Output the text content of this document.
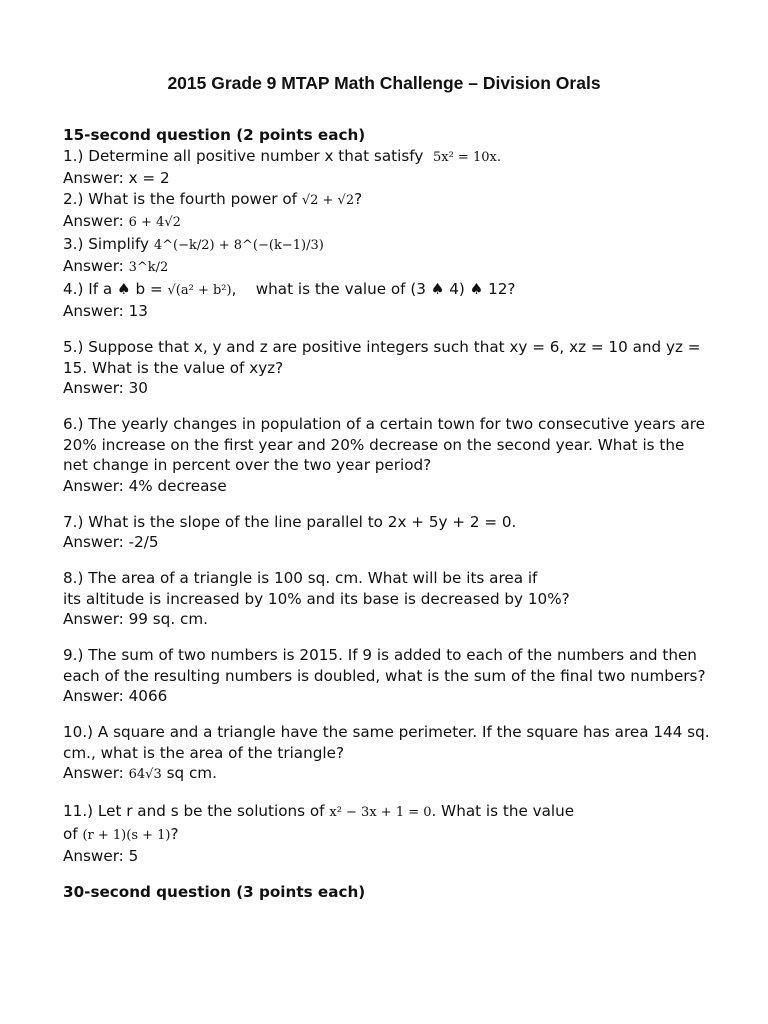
2015 Grade 9 MTAP Math Challenge – Division Orals
15-second question (2 points each)
1.) Determine all positive number x that satisfy 5x² = 10x.
Answer: x = 2
2.) What is the fourth power of √2 + √2?
Answer: 6 + 4√2
3.) Simplify 4^(−k/2) + 8^(−(k−1)/3)
Answer: 3^k/2
4.) If a ♠ b = √(a² + b²),    what is the value of (3 ♠ 4) ♠ 12?
Answer: 13
5.) Suppose that x, y and z are positive integers such that xy = 6, xz = 10 and yz = 15. What is the value of xyz?
Answer: 30
6.) The yearly changes in population of a certain town for two consecutive years are 20% increase on the first year and 20% decrease on the second year. What is the net change in percent over the two year period?
Answer: 4% decrease
7.) What is the slope of the line parallel to 2x + 5y + 2 = 0.
Answer: -2/5
8.) The area of a triangle is 100 sq. cm. What will be its area if
its altitude is increased by 10% and its base is decreased by 10%?
Answer: 99 sq. cm.
9.) The sum of two numbers is 2015. If 9 is added to each of the numbers and then each of the resulting numbers is doubled, what is the sum of the final two numbers?
Answer: 4066
10.) A square and a triangle have the same perimeter. If the square has area 144 sq. cm., what is the area of the triangle?
Answer: 64√3 sq cm.
11.) Let r and s be the solutions of x² − 3x + 1 = 0. What is the value
of (r + 1)(s + 1)?
Answer: 5
30-second question (3 points each)
